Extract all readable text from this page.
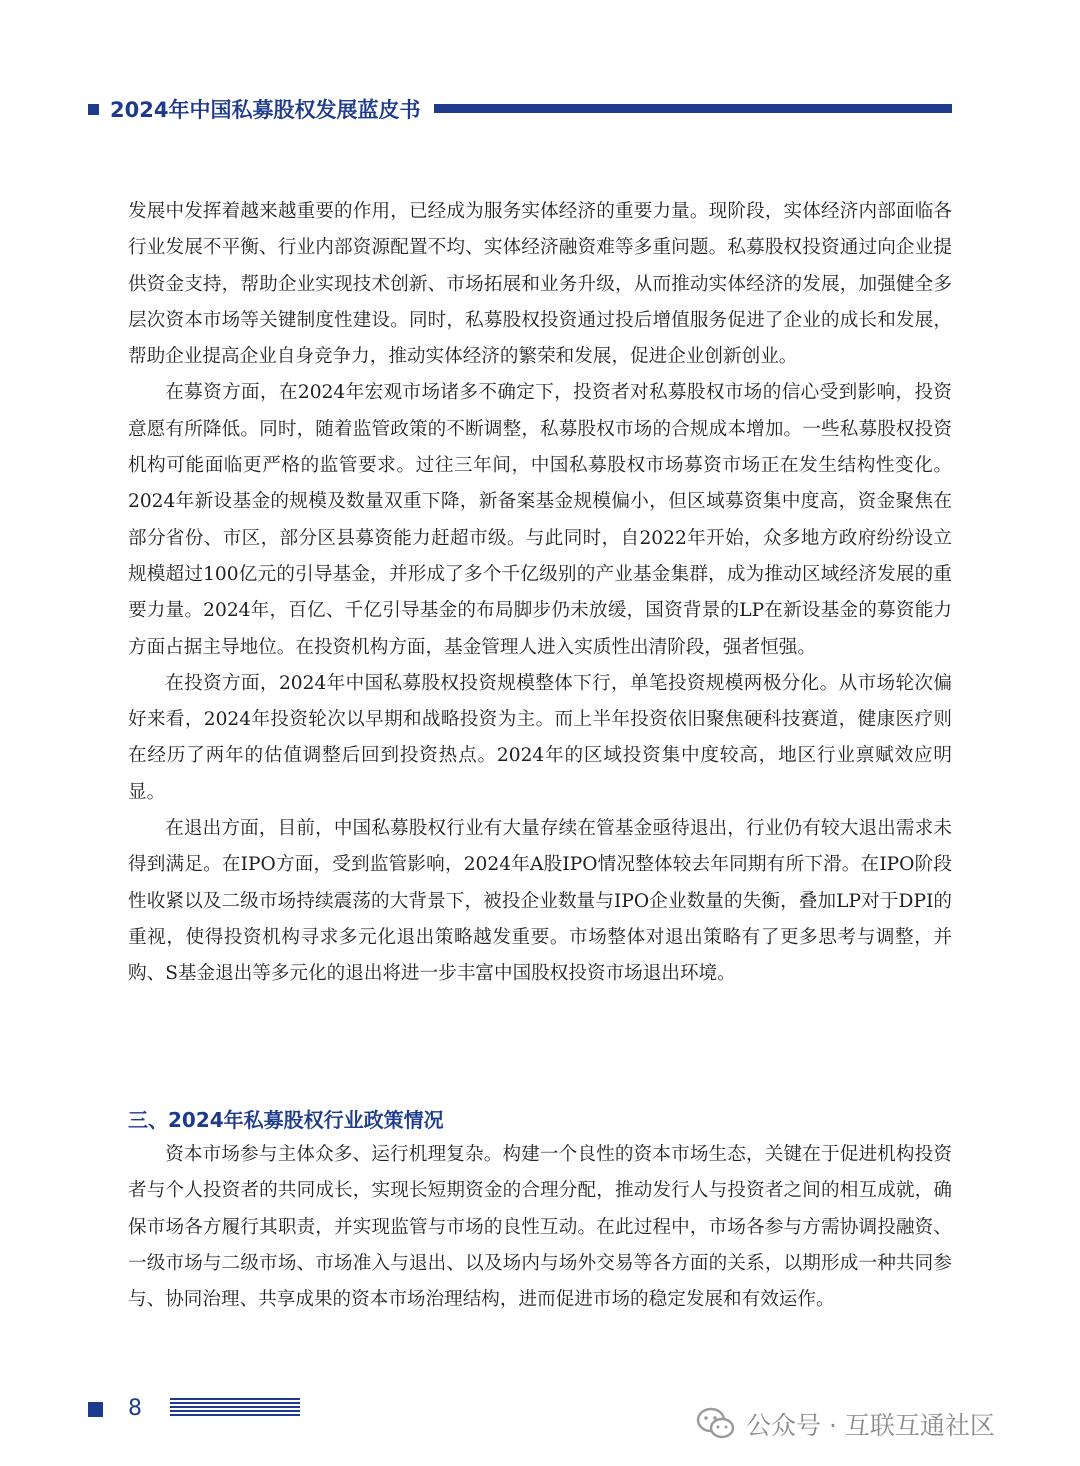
2024年中国私募股权发展蓝皮书

发展中发挥着越来越重要的作用，已经成为服务实体经济的重要力量。现阶段，实体经济内部面临各行业发展不平衡、行业内部资源配置不均、实体经济融资难等多重问题。私募股权投资通过向企业提供资金支持，帮助企业实现技术创新、市场拓展和业务升级，从而推动实体经济的发展，加强健全多层次资本市场等关键制度性建设。同时，私募股权投资通过投后增值服务促进了企业的成长和发展，帮助企业提高企业自身竞争力，推动实体经济的繁荣和发展，促进企业创新创业。

在募资方面，在2024年宏观市场诸多不确定下，投资者对私募股权市场的信心受到影响，投资意愿有所降低。同时，随着监管政策的不断调整，私募股权市场的合规成本增加。一些私募股权投资机构可能面临更严格的监管要求。过往三年间，中国私募股权市场募资市场正在发生结构性变化。2024年新设基金的规模及数量双重下降，新备案基金规模偏小，但区域募资集中度高，资金聚焦在部分省份、市区，部分区县募资能力赶超市级。与此同时，自2022年开始，众多地方政府纷纷设立规模超过100亿元的引导基金，并形成了多个千亿级别的产业基金集群，成为推动区域经济发展的重要力量。2024年，百亿、千亿引导基金的布局脚步仍未放缓，国资背景的LP在新设基金的募资能力方面占据主导地位。在投资机构方面，基金管理人进入实质性出清阶段，强者恒强。

在投资方面，2024年中国私募股权投资规模整体下行，单笔投资规模两极分化。从市场轮次偏好来看，2024年投资轮次以早期和战略投资为主。而上半年投资依旧聚焦硬科技赛道，健康医疗则在经历了两年的估值调整后回到投资热点。2024年的区域投资集中度较高，地区行业禀赋效应明显。

在退出方面，目前，中国私募股权行业有大量存续在管基金亟待退出，行业仍有较大退出需求未得到满足。在IPO方面，受到监管影响，2024年A股IPO情况整体较去年同期有所下滑。在IPO阶段性收紧以及二级市场持续震荡的大背景下，被投企业数量与IPO企业数量的失衡，叠加LP对于DPI的重视，使得投资机构寻求多元化退出策略越发重要。市场整体对退出策略有了更多思考与调整，并购、S基金退出等多元化的退出将进一步丰富中国股权投资市场退出环境。

三、2024年私募股权行业政策情况

资本市场参与主体众多、运行机理复杂。构建一个良性的资本市场生态，关键在于促进机构投资者与个人投资者的共同成长，实现长短期资金的合理分配，推动发行人与投资者之间的相互成就，确保市场各方履行其职责，并实现监管与市场的良性互动。在此过程中，市场各参与方需协调投融资、一级市场与二级市场、市场准入与退出、以及场内与场外交易等各方面的关系，以期形成一种共同参与、协同治理、共享成果的资本市场治理结构，进而促进市场的稳定发展和有效运作。

8
公众号 · 互联互通社区
